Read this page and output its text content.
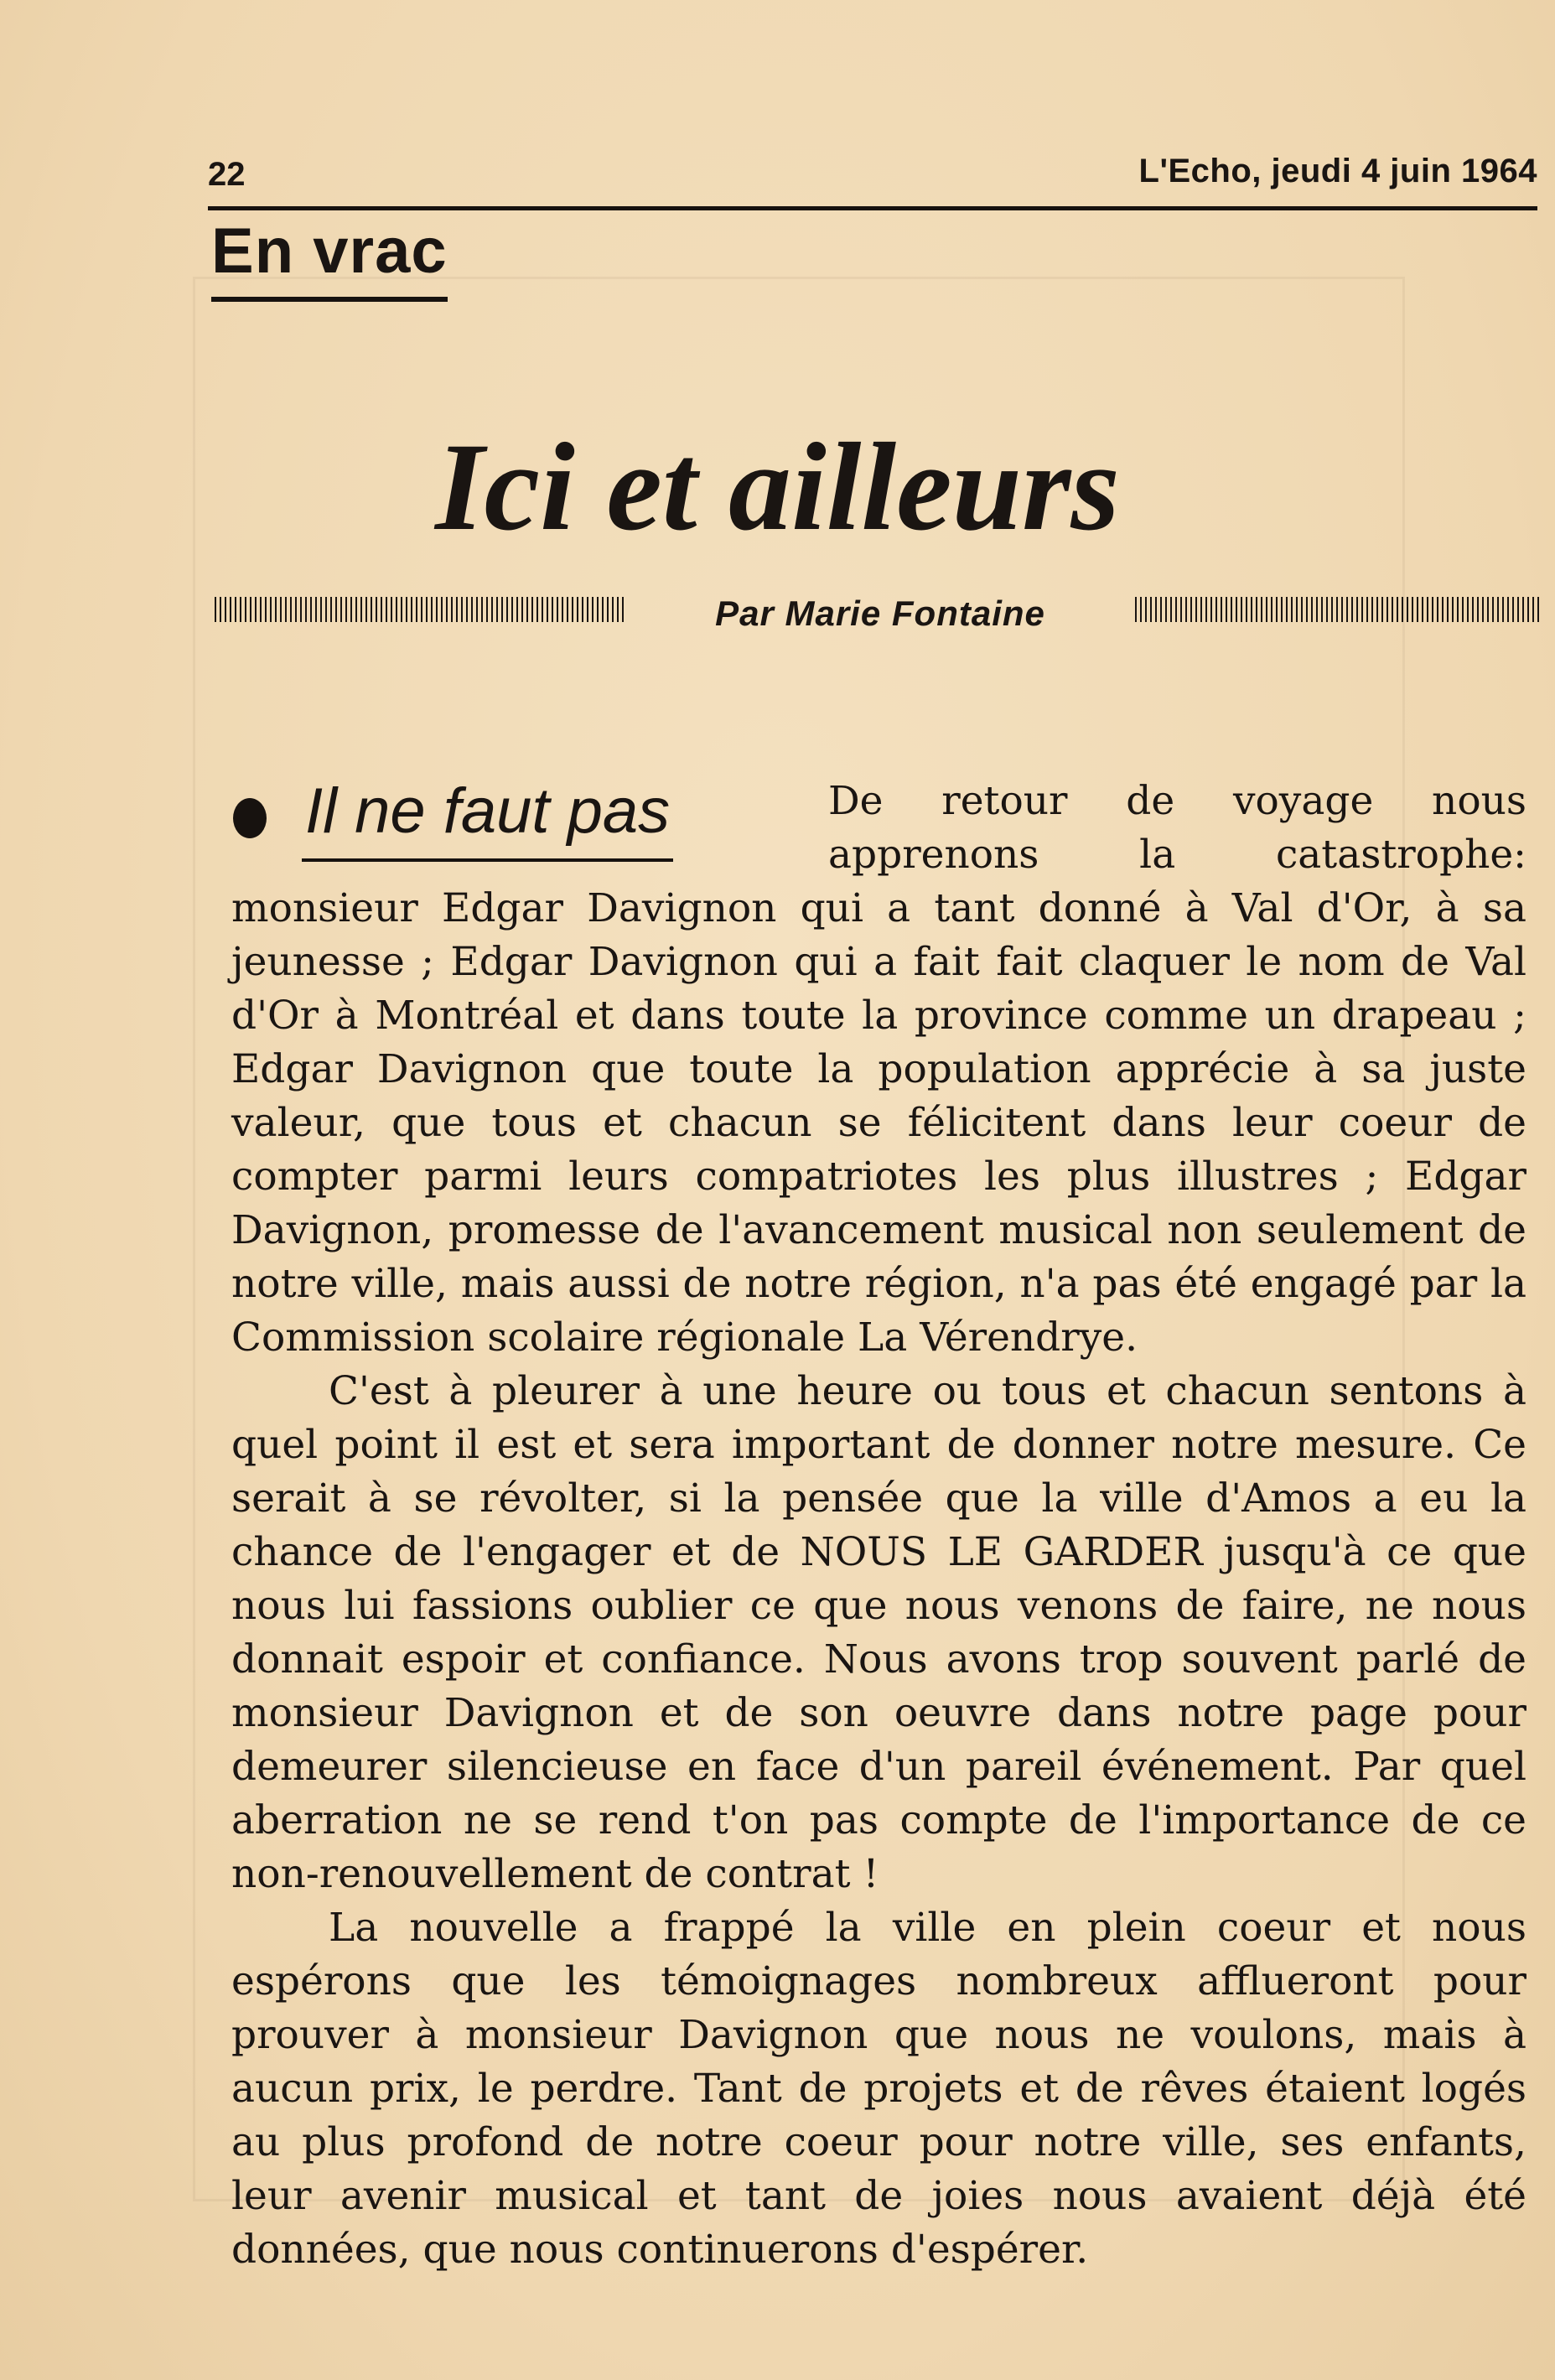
22	L'Echo, jeudi 4 juin 1964
En vrac
Ici et ailleurs
Par Marie Fontaine
Il ne faut pas	De retour de voyage nous apprenons la catastrophe:

monsieur Edgar Davignon qui a tant donné à Val d'Or, à sa jeunesse ; Edgar Davignon qui a fait fait claquer le nom de Val d'Or à Montréal et dans toute la province comme un drapeau ; Edgar Davignon que toute la population apprécie à sa juste valeur, que tous et chacun se félicitent dans leur coeur de compter parmi leurs compatriotes les plus illustres ; Edgar Davignon, promesse de l'avancement musical non seulement de notre ville, mais aussi de notre région, n'a pas été engagé par la Commission scolaire régionale La Vérendrye.

C'est à pleurer à une heure ou tous et chacun sentons à quel point il est et sera important de donner notre mesure. Ce serait à se révolter, si la pensée que la ville d'Amos a eu la chance de l'engager et de NOUS LE GARDER jusqu'à ce que nous lui fassions oublier ce que nous venons de faire, ne nous donnait espoir et confiance. Nous avons trop souvent parlé de monsieur Davignon et de son oeuvre dans notre page pour demeurer silencieuse en face d'un pareil événement. Par quel aberration ne se rend t'on pas compte de l'importance de ce non-renouvellement de contrat !

La nouvelle a frappé la ville en plein coeur et nous espérons que les témoignages nombreux afflueront pour prouver à monsieur Davignon que nous ne voulons, mais à aucun prix, le perdre. Tant de projets et de rêves étaient logés au plus profond de notre coeur pour notre ville, ses enfants, leur avenir musical et tant de joies nous avaient déjà été données, que nous continuerons d'espérer.
